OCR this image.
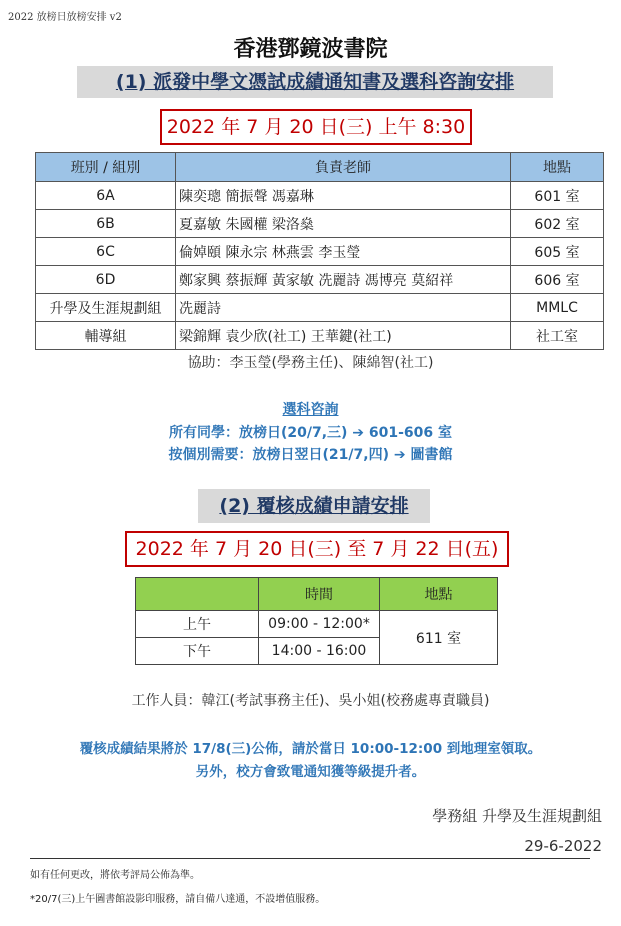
2022 放榜日放榜安排 v2
香港鄧鏡波書院
(1) 派發中學文憑試成績通知書及選科咨詢安排
2022 年 7 月 20 日(三) 上午 8:30
班別 / 組別	負責老師	地點
6A	陳奕璁 簡振聲 馮嘉琳	601 室
6B	夏嘉敏 朱國權 梁洛燊	602 室
6C	倫婥頤 陳永宗 林燕雲 李玉瑩	605 室
6D	鄭家興 蔡振輝 黃家敏 冼麗詩 馮博亮 莫紹祥	606 室
升學及生涯規劃組	冼麗詩	MMLC
輔導組	梁錦輝 袁少欣(社工) 王華鍵(社工)	社工室
協助：李玉瑩(學務主任)、陳綿智(社工)
選科咨詢
所有同學：放榜日(20/7,三) ➔ 601-606 室
按個別需要：放榜日翌日(21/7,四) ➔ 圖書館
(2) 覆核成績申請安排
2022 年 7 月 20 日(三) 至 7 月 22 日(五)
	時間	地點
上午	09:00 - 12:00*	611 室
下午	14:00 - 16:00	
工作人員：韓江(考試事務主任)、吳小姐(校務處專責職員)
覆核成績結果將於 17/8(三)公佈，請於當日 10:00-12:00 到地理室領取。
另外，校方會致電通知獲等級提升者。
學務組 升學及生涯規劃組
29-6-2022
如有任何更改，將依考評局公佈為準。
*20/7(三)上午圖書館設影印服務，請自備八達通，不設增值服務。
